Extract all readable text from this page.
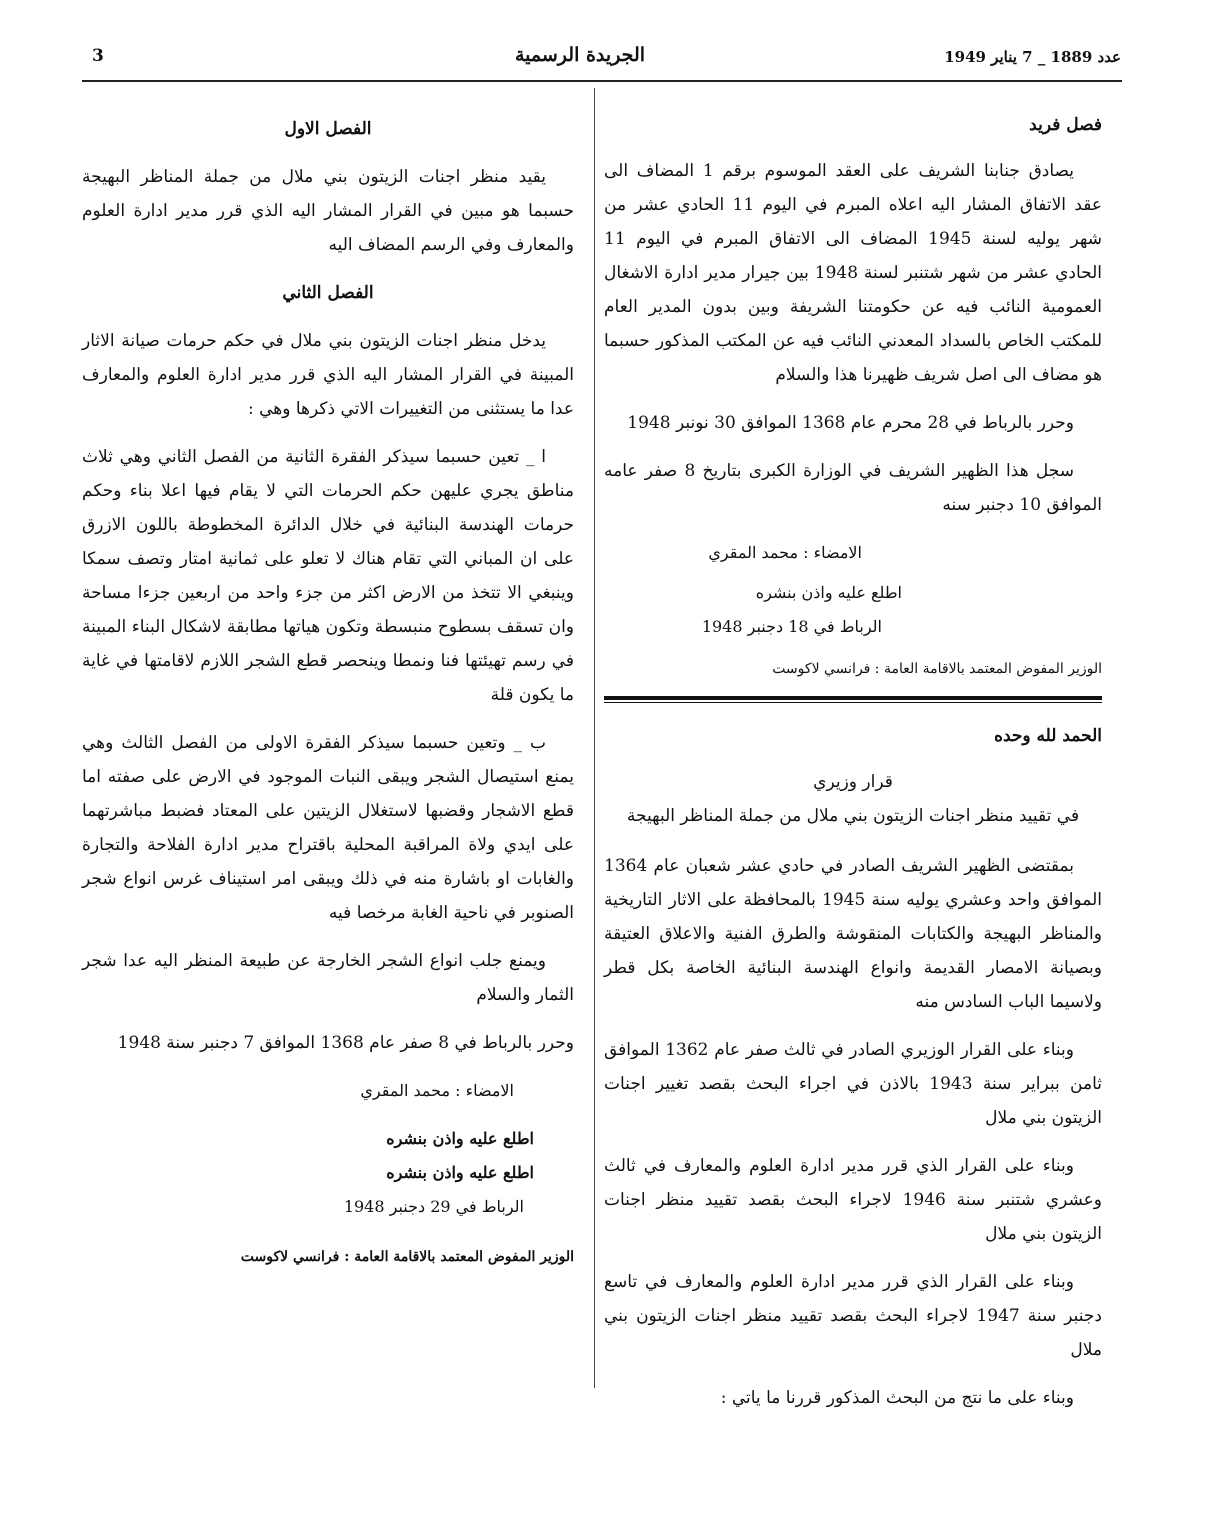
عدد 1889 _ 7 يناير 1949
الجريدة الرسمية
3
فصل فريد

يصادق جنابنا الشريف على العقد الموسوم برقم 1 المضاف الى عقد الاتفاق المشار اليه اعلاه المبرم في اليوم 11 الحادي عشر من شهر يوليه لسنة 1945 المضاف الى الاتفاق المبرم في اليوم 11 الحادي عشر من شهر شتنبر لسنة 1948 بين جيرار مدير ادارة الاشغال العمومية النائب فيه عن حكومتنا الشريفة وبين بدون المدير العام للمكتب الخاص بالسداد المعدني النائب فيه عن المكتب المذكور حسبما هو مضاف الى اصل شريف ظهيرنا هذا والسلام

وحرر بالرباط في 28 محرم عام 1368 الموافق 30 نونبر 1948

سجل هذا الظهير الشريف في الوزارة الكبرى بتاريخ 8 صفر عامه الموافق 10 دجنبر سنه

الامضاء : محمد المقري
اطلع عليه واذن بنشره
الرباط في 18 دجنبر 1948
الوزير المفوض المعتمد بالاقامة العامة : فرانسي لاكوست
الحمد لله وحده
قرار وزيري
في تقييد منظر اجنات الزيتون بني ملال من جملة المناظر البهيجة

بمقتضى الظهير الشريف الصادر في حادي عشر شعبان عام 1364 الموافق واحد وعشري يوليه سنة 1945 بالمحافظة على الاثار التاريخية والمناظر البهيجة والكتابات المنقوشة والطرق الفنية والاعلاق العتيقة وبصيانة الامصار القديمة وانواع الهندسة البنائية الخاصة بكل قطر ولاسيما الباب السادس منه

وبناء على القرار الوزيري الصادر في ثالث صفر عام 1362 الموافق ثامن ببراير سنة 1943 بالاذن في اجراء البحث بقصد تغيير اجنات الزيتون بني ملال

وبناء على القرار الذي قرر مدير ادارة العلوم والمعارف في ثالث وعشري شتنبر سنة 1946 لاجراء البحث بقصد تقييد منظر اجنات الزيتون بني ملال

وبناء على القرار الذي قرر مدير ادارة العلوم والمعارف في تاسع دجنبر سنة 1947 لاجراء البحث بقصد تقييد منظر اجنات الزيتون بني ملال

وبناء على ما نتج من البحث المذكور قررنا ما ياتي :

الفصل الاول

يقيد منظر اجنات الزيتون بني ملال من جملة المناظر البهيجة حسبما هو مبين في القرار المشار اليه الذي قرر مدير ادارة العلوم والمعارف وفي الرسم المضاف اليه

الفصل الثاني

يدخل منظر اجنات الزيتون بني ملال في حكم حرمات صيانة الاثار المبينة في القرار المشار اليه الذي قرر مدير ادارة العلوم والمعارف عدا ما يستثنى من التغييرات الاتي ذكرها وهي :

ا _ تعين حسبما سيذكر الفقرة الثانية من الفصل الثاني وهي ثلاث مناطق يجري عليهن حكم الحرمات التي لا يقام فيها اعلا بناء وحكم حرمات الهندسة البنائية في خلال الدائرة المخطوطة باللون الازرق على ان المباني التي تقام هناك لا تعلو على ثمانية امتار وتصف سمكا وينبغي الا تتخذ من الارض اكثر من جزء واحد من اربعين جزءا مساحة وان تسقف بسطوح منبسطة وتكون هياتها مطابقة لاشكال البناء المبينة في رسم تهيئتها فنا ونمطا وينحصر قطع الشجر اللازم لاقامتها في غاية ما يكون قلة

ب _ وتعين حسبما سيذكر الفقرة الاولى من الفصل الثالث وهي يمنع استيصال الشجر ويبقى النبات الموجود في الارض على صفته اما قطع الاشجار وقضبها لاستغلال الزيتين على المعتاد فضبط مباشرتهما على ايدي ولاة المراقبة المحلية باقتراح مدير ادارة الفلاحة والتجارة والغابات او باشارة منه في ذلك ويبقى امر استيناف غرس انواع شجر الصنوبر في ناحية الغابة مرخصا فيه

ويمنع جلب انواع الشجر الخارجة عن طبيعة المنظر اليه عدا شجر الثمار والسلام

وحرر بالرباط في 8 صفر عام 1368 الموافق 7 دجنبر سنة 1948

الامضاء : محمد المقري
اطلع عليه واذن بنشره
اطلع عليه واذن بنشره
الرباط في 29 دجنبر 1948
الوزير المفوض المعتمد بالاقامة العامة : فرانسي لاكوست
